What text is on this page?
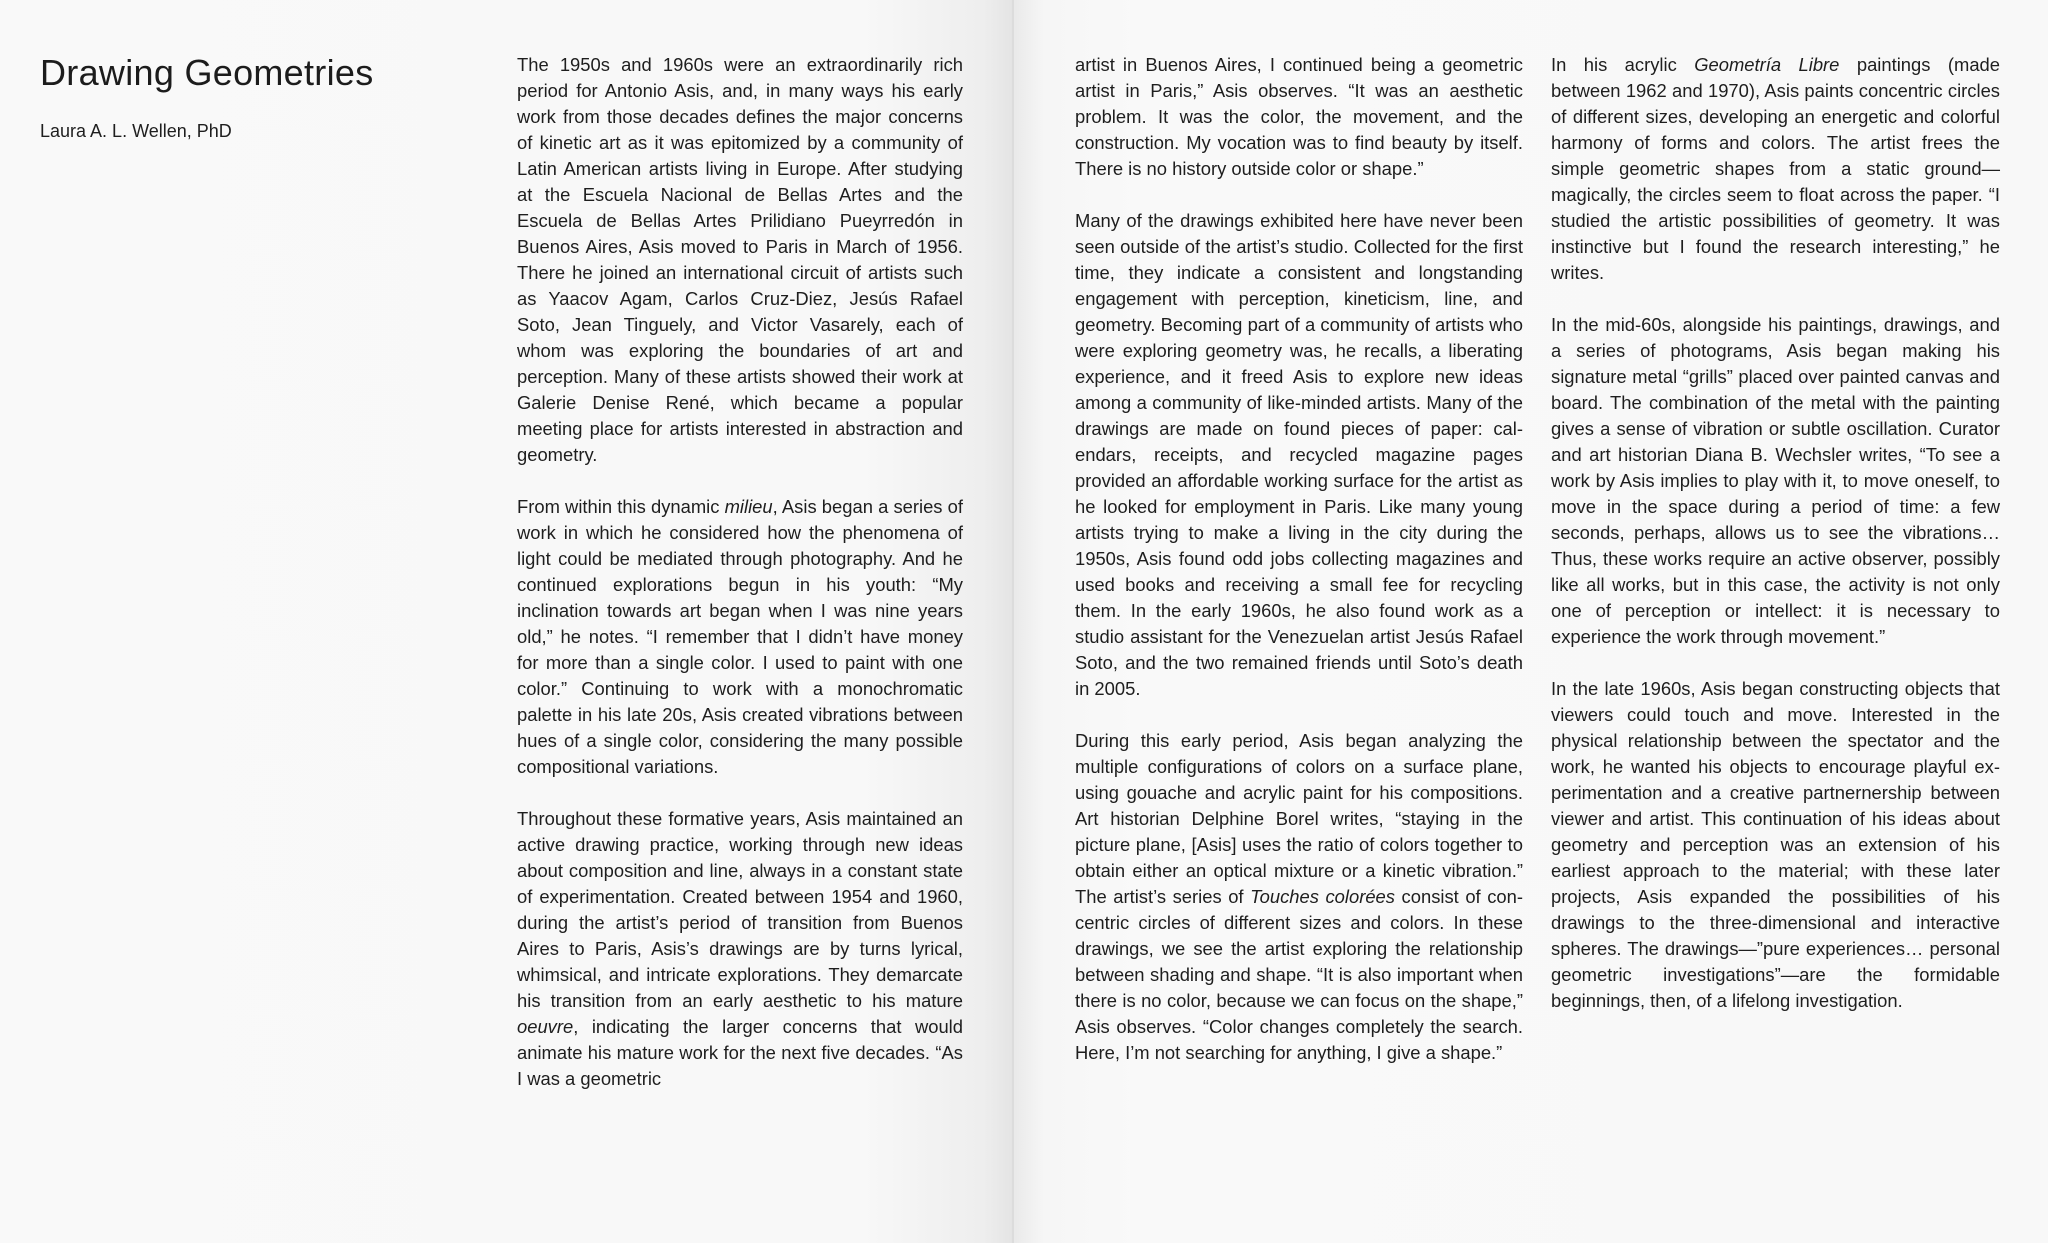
Drawing Geometries

Laura A. L. Wellen, PhD

The 1950s and 1960s were an extraordinarily rich period for Antonio Asis, and, in many ways his early work from those decades defines the major concerns of kinetic art as it was epitomized by a community of Latin American artists living in Europe. After studying at the Escuela Nacional de Bellas Artes and the Escuela de Bellas Artes Prilidiano Pueyrredón in Buenos Aires, Asis moved to Paris in March of 1956. There he joined an international circuit of artists such as Yaacov Agam, Carlos Cruz-Diez, Jesús Rafael Soto, Jean Tinguely, and Victor Vasarely, each of whom was exploring the boundaries of art and perception. Many of these artists showed their work at Galerie Denise René, which became a popular meeting place for artists interested in abstraction and geometry.

From within this dynamic milieu, Asis began a series of work in which he considered how the phenomena of light could be mediated through photography. And he continued explorations begun in his youth: “My inclination towards art began when I was nine years old,” he notes. “I remember that I didn’t have money for more than a single color. I used to paint with one color.” Continuing to work with a monochromatic palette in his late 20s, Asis created vibrations between hues of a single color, considering the many possible compositional variations.

Throughout these formative years, Asis maintained an active drawing practice, working through new ideas about composition and line, always in a constant state of experimentation. Created between 1954 and 1960, during the artist’s period of transition from Buenos Aires to Paris, Asis’s drawings are by turns lyrical, whimsical, and intricate explorations. They demarcate his transition from an early aesthetic to his mature oeuvre, indicating the larger concerns that would animate his mature work for the next five decades. “As I was a geometric

artist in Buenos Aires, I continued being a geometric artist in Paris,” Asis observes. “It was an aesthetic problem. It was the color, the movement, and the construction. My vocation was to find beauty by itself. There is no history outside color or shape.”

Many of the drawings exhibited here have never been seen outside of the artist’s studio. Collected for the first time, they indicate a consistent and longstanding engagement with perception, kineticism, line, and geometry. Becoming part of a community of artists who were exploring geometry was, he recalls, a liberating experience, and it freed Asis to explore new ideas among a community of like-minded artists. Many of the drawings are made on found pieces of paper: calendars, receipts, and recycled magazine pages provided an affordable working surface for the artist as he looked for employment in Paris. Like many young artists trying to make a living in the city during the 1950s, Asis found odd jobs collecting magazines and used books and receiving a small fee for recycling them. In the early 1960s, he also found work as a studio assistant for the Venezuelan artist Jesús Rafael Soto, and the two remained friends until Soto’s death in 2005.

During this early period, Asis began analyzing the multiple configurations of colors on a surface plane, using gouache and acrylic paint for his compositions. Art historian Delphine Borel writes, “staying in the picture plane, [Asis] uses the ratio of colors together to obtain either an optical mixture or a kinetic vibration.” The artist’s series of Touches colorées consist of concentric circles of different sizes and colors. In these drawings, we see the artist exploring the relationship between shading and shape. “It is also important when there is no color, because we can focus on the shape,” Asis observes. “Color changes completely the search. Here, I’m not searching for anything, I give a shape.”

In his acrylic Geometría Libre paintings (made between 1962 and 1970), Asis paints concentric circles of different sizes, developing an energetic and colorful harmony of forms and colors. The artist frees the simple geometric shapes from a static ground—magically, the circles seem to float across the paper. “I studied the artistic possibilities of geometry. It was instinctive but I found the research interesting,” he writes.

In the mid-60s, alongside his paintings, drawings, and a series of photograms, Asis began making his signature metal “grills” placed over painted canvas and board. The combination of the metal with the painting gives a sense of vibration or subtle oscillation. Curator and art historian Diana B. Wechsler writes, “To see a work by Asis implies to play with it, to move oneself, to move in the space during a period of time: a few seconds, perhaps, allows us to see the vibrations… Thus, these works require an active observer, possibly like all works, but in this case, the activity is not only one of perception or intellect: it is necessary to experience the work through movement.”

In the late 1960s, Asis began constructing objects that viewers could touch and move. Interested in the physical relationship between the spectator and the work, he wanted his objects to encourage playful experimentation and a creative partnernership between viewer and artist. This continuation of his ideas about geometry and perception was an extension of his earliest approach to the material; with these later projects, Asis expanded the possibilities of his drawings to the three-dimensional and interactive spheres. The drawings—”pure experiences… personal geometric investigations”—are the formidable beginnings, then, of a lifelong investigation.
